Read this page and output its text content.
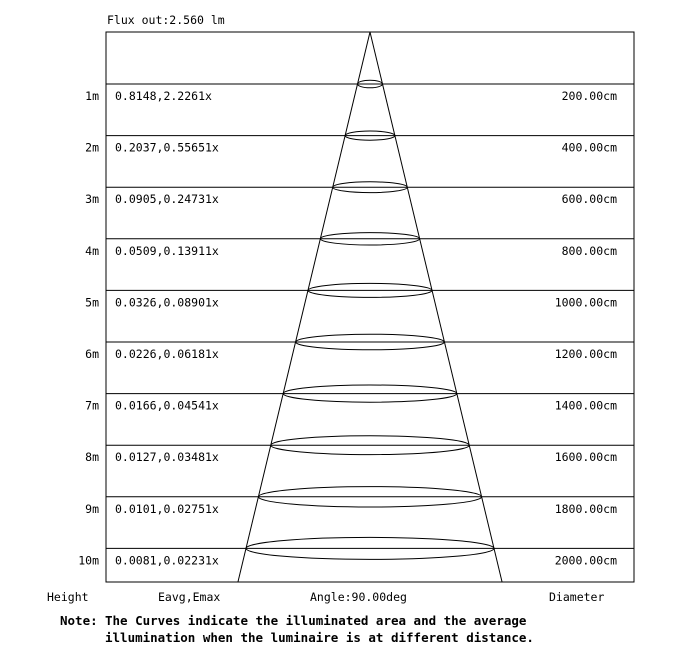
Flux out:2.560 lm
1m 0.8148,2.2261x	200.00cm
2m 0.2037,0.55651x	400.00cm
3m 0.0905,0.24731x	600.00cm
4m 0.0509,0.13911x	800.00cm
5m 0.0326,0.08901x	1000.00cm
6m 0.0226,0.06181x	1200.00cm
7m 0.0166,0.04541x	1400.00cm
8m 0.0127,0.03481x	1600.00cm
9m 0.0101,0.02751x	1800.00cm
10m 0.0081,0.02231x	2000.00cm
Height	Eavg,Emax	Angle:90.00deg	Diameter
Note: The Curves indicate the illuminated area and the average
illumination when the luminaire is at different distance.
